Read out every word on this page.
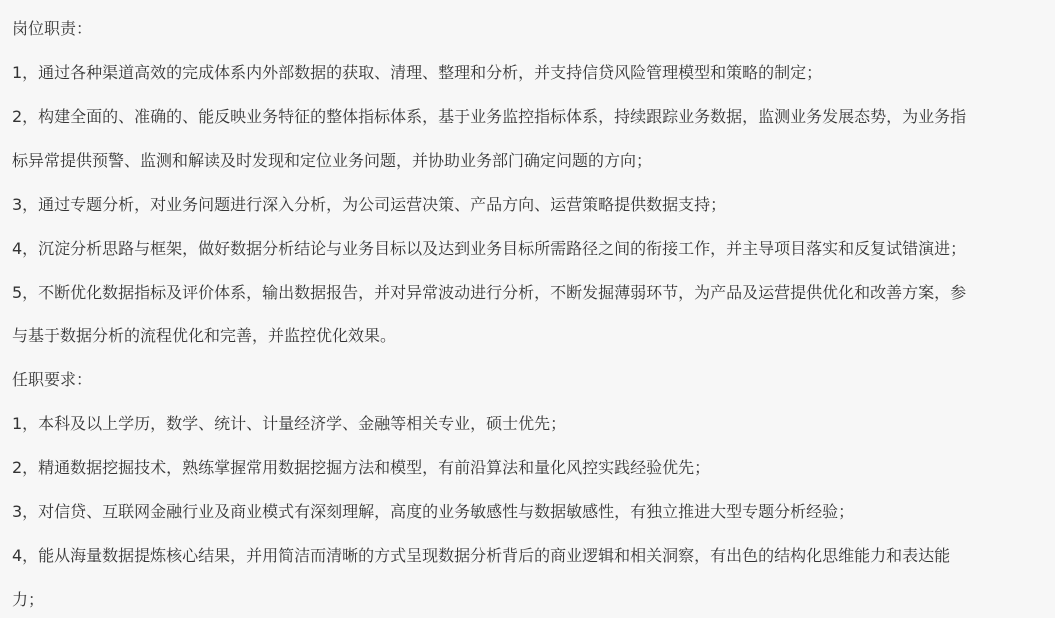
岗位职责：
1，通过各种渠道高效的完成体系内外部数据的获取、清理、整理和分析，并支持信贷风险管理模型和策略的制定；
2，构建全面的、准确的、能反映业务特征的整体指标体系，基于业务监控指标体系，持续跟踪业务数据，监测业务发展态势，为业务指
标异常提供预警、监测和解读及时发现和定位业务问题，并协助业务部门确定问题的方向；
3，通过专题分析，对业务问题进行深入分析，为公司运营决策、产品方向、运营策略提供数据支持；
4，沉淀分析思路与框架，做好数据分析结论与业务目标以及达到业务目标所需路径之间的衔接工作，并主导项目落实和反复试错演进；
5，不断优化数据指标及评价体系，输出数据报告，并对异常波动进行分析，不断发掘薄弱环节，为产品及运营提供优化和改善方案，参
与基于数据分析的流程优化和完善，并监控优化效果。
任职要求：
1，本科及以上学历，数学、统计、计量经济学、金融等相关专业，硕士优先；
2，精通数据挖掘技术，熟练掌握常用数据挖掘方法和模型，有前沿算法和量化风控实践经验优先；
3，对信贷、互联网金融行业及商业模式有深刻理解，高度的业务敏感性与数据敏感性，有独立推进大型专题分析经验；
4，能从海量数据提炼核心结果，并用简洁而清晰的方式呈现数据分析背后的商业逻辑和相关洞察，有出色的结构化思维能力和表达能
力；
